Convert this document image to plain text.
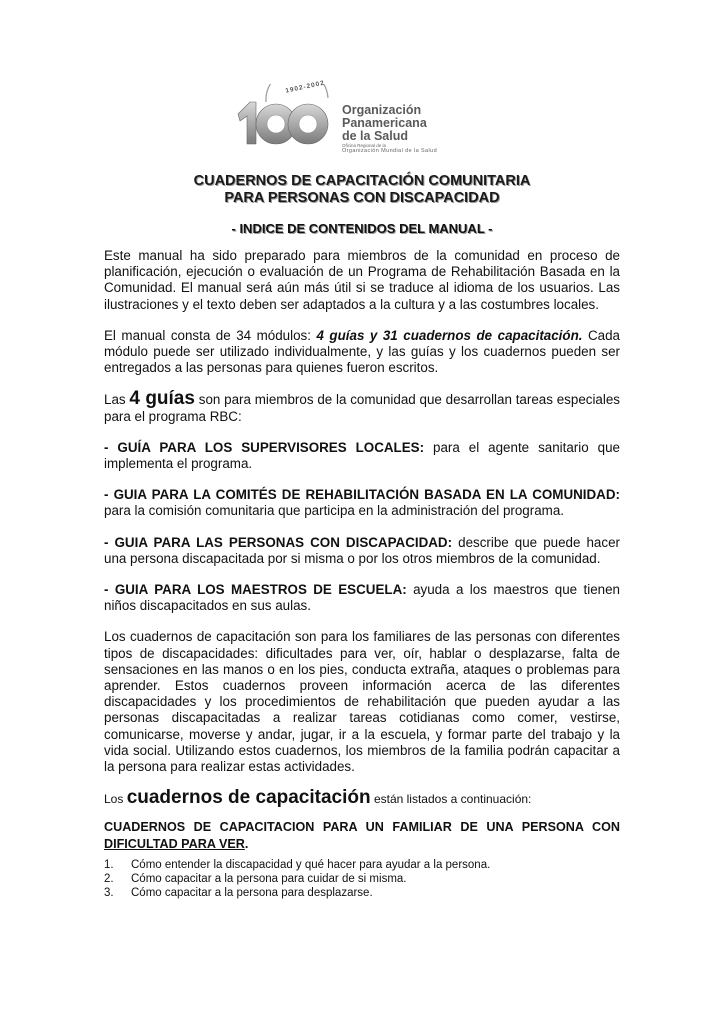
1902-2002
Organización
Panamericana
de la Salud
Oficina Regional de la
Organización Mundial de la Salud
CUADERNOS DE CAPACITACIÓN COMUNITARIA
PARA PERSONAS CON DISCAPACIDAD
- INDICE DE CONTENIDOS DEL MANUAL -

Este manual ha sido preparado para miembros de la comunidad en proceso de planificación, ejecución o evaluación de un Programa de Rehabilitación Basada en la Comunidad. El manual será aún más útil si se traduce al idioma de los usuarios. Las ilustraciones y el texto deben ser adaptados a la cultura y a las costumbres locales.

El manual consta de 34 módulos: 4 guías y 31 cuadernos de capacitación. Cada módulo puede ser utilizado individualmente, y las guías y los cuadernos pueden ser entregados a las personas para quienes fueron escritos.

Las 4 guías son para miembros de la comunidad que desarrollan tareas especiales para el programa RBC:

- GUÍA PARA LOS SUPERVISORES LOCALES: para el agente sanitario que implementa el programa.

- GUIA PARA LA COMITÉS DE REHABILITACIÓN BASADA EN LA COMUNIDAD: para la comisión comunitaria que participa en la administración del programa.

- GUIA PARA LAS PERSONAS CON DISCAPACIDAD: describe que puede hacer una persona discapacitada por si misma o por los otros miembros de la comunidad.

- GUIA PARA LOS MAESTROS DE ESCUELA: ayuda a los maestros que tienen niños discapacitados en sus aulas.

Los cuadernos de capacitación son para los familiares de las personas con diferentes tipos de discapacidades: dificultades para ver, oír, hablar o desplazarse, falta de sensaciones en las manos o en los pies, conducta extraña, ataques o problemas para aprender. Estos cuadernos proveen información acerca de las diferentes discapacidades y los procedimientos de rehabilitación que pueden ayudar a las personas discapacitadas a realizar tareas cotidianas como comer, vestirse, comunicarse, moverse y andar, jugar, ir a la escuela, y formar parte del trabajo y la vida social. Utilizando estos cuadernos, los miembros de la familia podrán capacitar a la persona para realizar estas actividades.

Los cuadernos de capacitación están listados a continuación:

CUADERNOS DE CAPACITACION PARA UN FAMILIAR DE UNA PERSONA CON DIFICULTAD PARA VER.

1.	Cómo entender la discapacidad y qué hacer para ayudar a la persona.
2.	Cómo capacitar a la persona para cuidar de si misma.
3.	Cómo capacitar a la persona para desplazarse.
